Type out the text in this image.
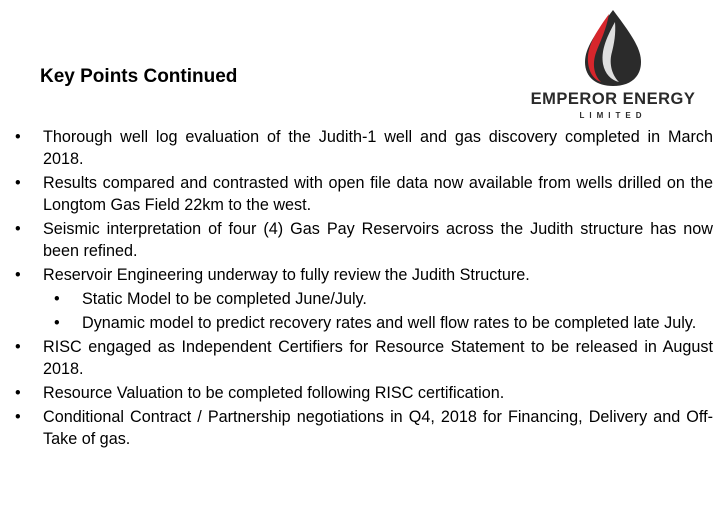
Key Points Continued
EMPEROR ENERGY
LIMITED
• Thorough well log evaluation of the Judith-1 well and gas discovery completed in March 2018.
• Results compared and contrasted with open file data now available from wells drilled on the Longtom Gas Field 22km to the west.
• Seismic interpretation of four (4) Gas Pay Reservoirs across the Judith structure has now been refined.
• Reservoir Engineering underway to fully review the Judith Structure.
• Static Model to be completed June/July.
• Dynamic model to predict recovery rates and well flow rates to be completed late July.
• RISC engaged as Independent Certifiers for Resource Statement to be released in August 2018.
• Resource Valuation to be completed following RISC certification.
• Conditional Contract / Partnership negotiations in Q4, 2018 for Financing, Delivery and Off-Take of gas.
